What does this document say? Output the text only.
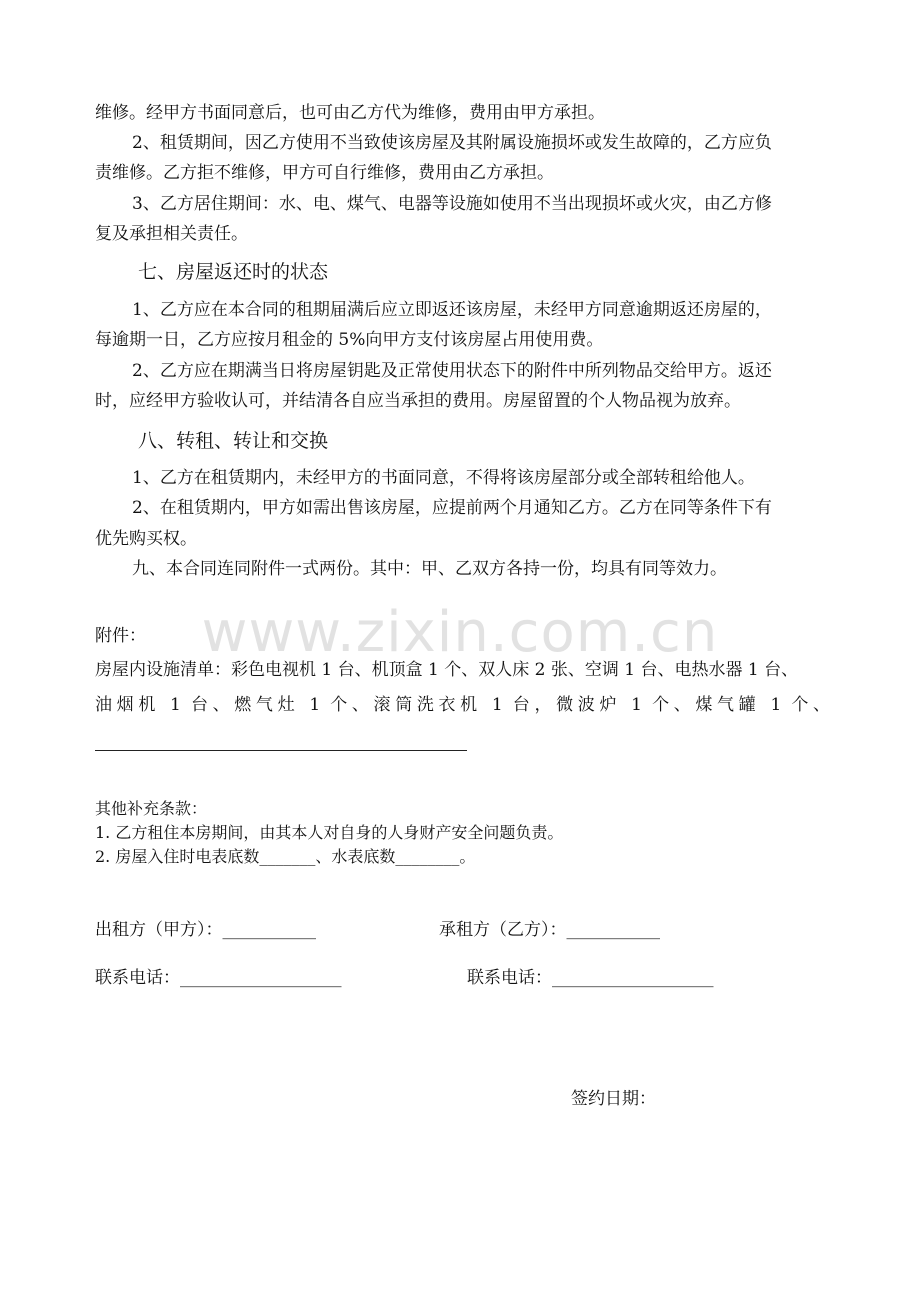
www.zixin.com.cn
维修。经甲方书面同意后，也可由乙方代为维修，费用由甲方承担。
2、租赁期间，因乙方使用不当致使该房屋及其附属设施损坏或发生故障的，乙方应负
责维修。乙方拒不维修，甲方可自行维修，费用由乙方承担。
3、乙方居住期间：水、电、煤气、电器等设施如使用不当出现损坏或火灾，由乙方修
复及承担相关责任。
七、房屋返还时的状态
1、乙方应在本合同的租期届满后应立即返还该房屋，未经甲方同意逾期返还房屋的，
每逾期一日，乙方应按月租金的 5%向甲方支付该房屋占用使用费。
2、乙方应在期满当日将房屋钥匙及正常使用状态下的附件中所列物品交给甲方。返还
时，应经甲方验收认可，并结清各自应当承担的费用。房屋留置的个人物品视为放弃。
八、转租、转让和交换
1、乙方在租赁期内，未经甲方的书面同意，不得将该房屋部分或全部转租给他人。
2、在租赁期内，甲方如需出售该房屋，应提前两个月通知乙方。乙方在同等条件下有
优先购买权。
九、本合同连同附件一式两份。其中：甲、乙双方各持一份，均具有同等效力。
附件：
房屋内设施清单：彩色电视机 1 台、机顶盒 1 个、双人床 2 张、空调 1 台、电热水器 1 台、
油烟机 1 台、燃气灶 1 个、滚筒洗衣机 1 台，微波炉 1 个、煤气罐 1 个、
其他补充条款：
1. 乙方租住本房期间，由其本人对自身的人身财产安全问题负责。
2. 房屋入住时电表底数_______、水表底数________。
出租方（甲方）：___________	承租方（乙方）：___________
联系电话：___________________	联系电话：___________________
签约日期：
